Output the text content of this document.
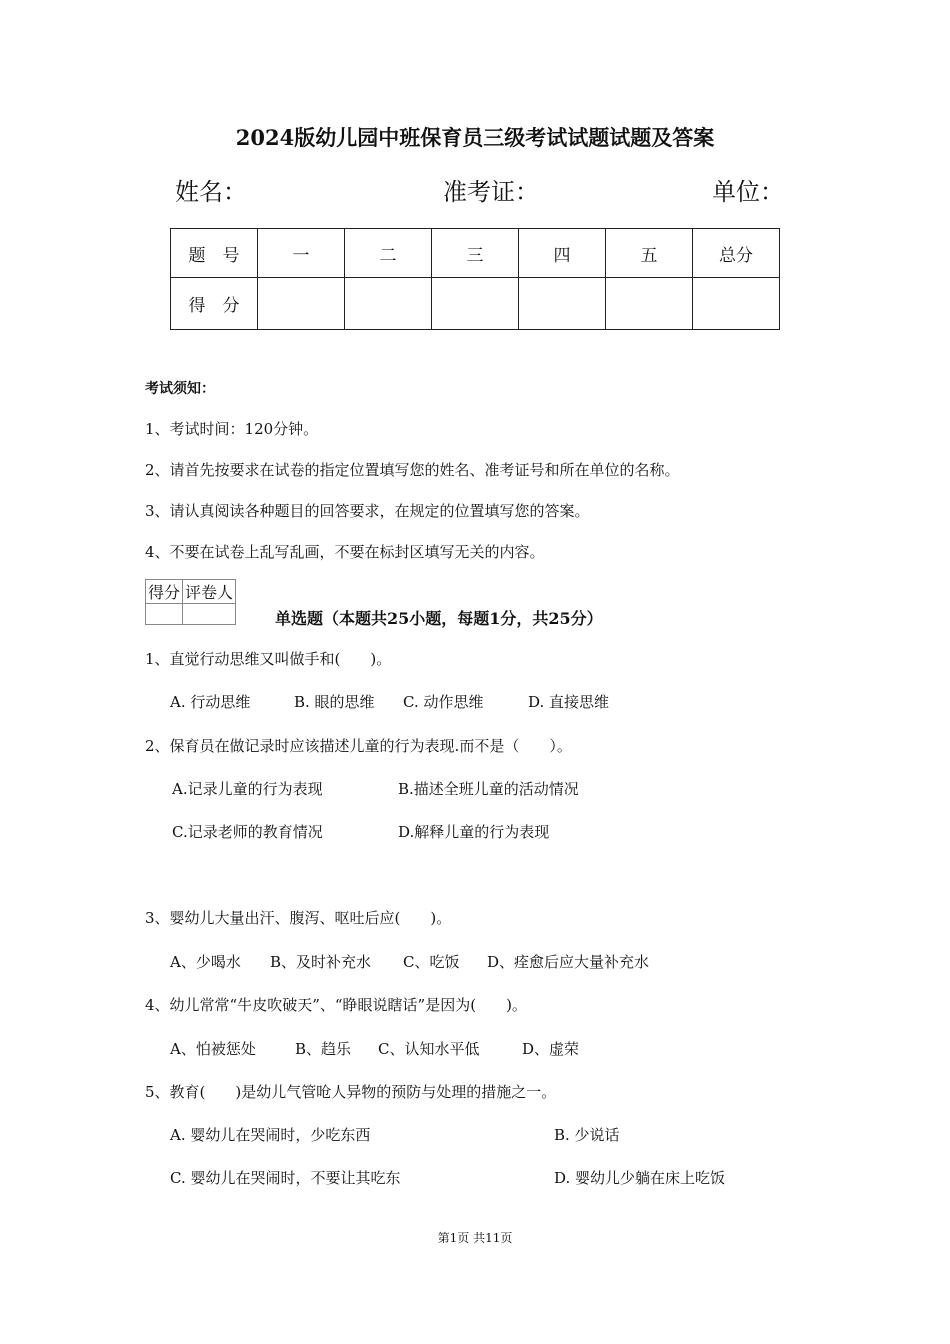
2024版幼儿园中班保育员三级考试试题试题及答案
姓名：	准考证：	单位：
题　号	一	二	三	四	五	总分
得　分						
考试须知：
1、考试时间：120分钟。
2、请首先按要求在试卷的指定位置填写您的姓名、准考证号和所在单位的名称。
3、请认真阅读各种题目的回答要求，在规定的位置填写您的答案。
4、不要在试卷上乱写乱画，不要在标封区填写无关的内容。
得分	评卷人

单选题（本题共25小题，每题1分，共25分）
1、直觉行动思维又叫做手和(　　)。
A. 行动思维	B. 眼的思维 C. 动作思维	D. 直接思维
2、保育员在做记录时应该描述儿童的行为表现.而不是（　　）。
A.记录儿童的行为表现	B.描述全班儿童的活动情况
C.记录老师的教育情况	D.解释儿童的行为表现
3、婴幼儿大量出汗、腹泻、呕吐后应(　　)。
A、少喝水 B、及时补充水 C、吃饭 D、痊愈后应大量补充水
4、幼儿常常“牛皮吹破天”、“睁眼说瞎话”是因为(　　)。
A、怕被惩处	B、趋乐 C、认知水平低	D、虚荣
5、教育(　　)是幼儿气管呛人异物的预防与处理的措施之一。
A. 婴幼儿在哭闹时，少吃东西	B. 少说话
C. 婴幼儿在哭闹时，不要让其吃东	D. 婴幼儿少躺在床上吃饭
第1页 共11页
